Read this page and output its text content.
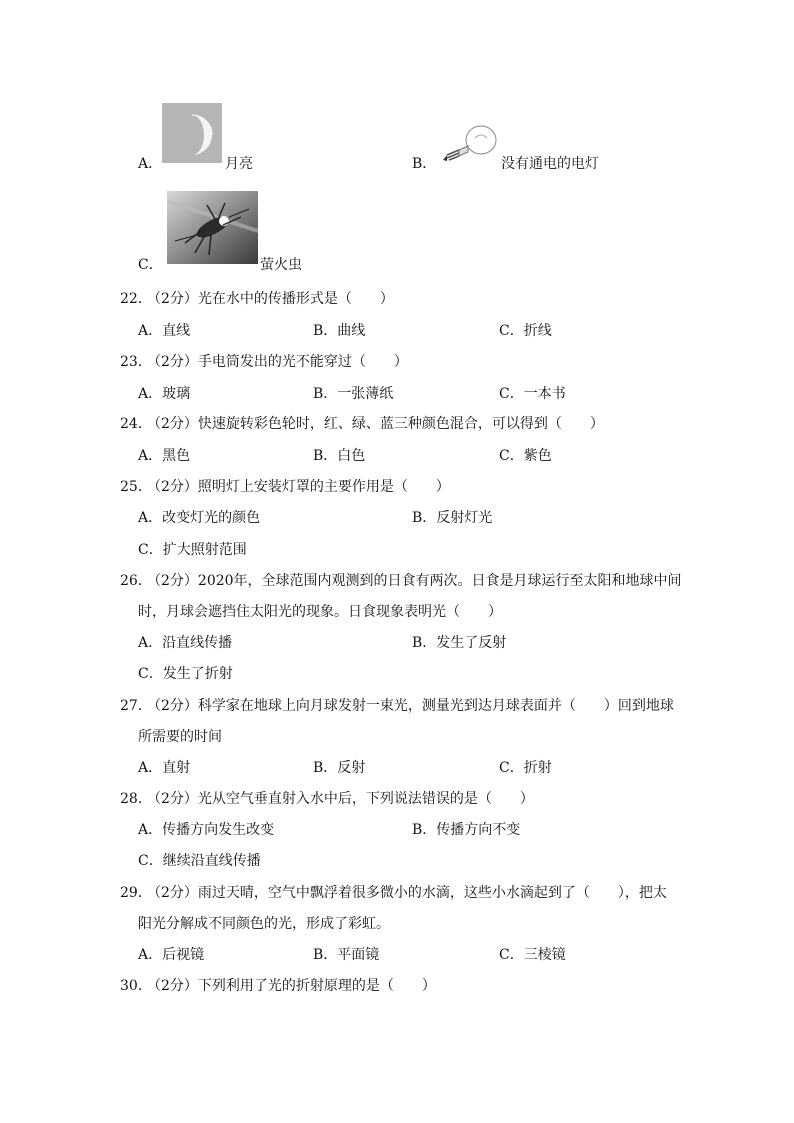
A．	月亮	B．	没有通电的电灯
C．	萤火虫
22．
（2分）光在水中的传播形式是（　　）
A．直线	B．曲线	C．折线
23．
（2分）手电筒发出的光不能穿过（　　）
A．玻璃	B．一张薄纸	C．一本书
24．
（2分）快速旋转彩色轮时，红、绿、蓝三种颜色混合，可以得到（　　）
A．黑色	B．白色	C．紫色
25．
（2分）照明灯上安装灯罩的主要作用是（　　）
A．改变灯光的颜色	B．反射灯光
C．扩大照射范围
26．
（2分）2020年，全球范围内观测到的日食有两次。日食是月球运行至太阳和地球中间
时，月球会遮挡住太阳光的现象。日食现象表明光（　　）
A．沿直线传播	B．发生了反射
C．发生了折射
27．
（2分）科学家在地球上向月球发射一束光，测量光到达月球表面并（　　）回到地球
所需要的时间
A．直射	B．反射	C．折射
28．
（2分）光从空气垂直射入水中后，下列说法错误的是（　　）
A．传播方向发生改变	B．传播方向不变
C．继续沿直线传播
29．
（2分）雨过天晴，空气中飘浮着很多微小的水滴，这些小水滴起到了（　　），把太
阳光分解成不同颜色的光，形成了彩虹。
A．后视镜	B．平面镜	C．三棱镜
30．
（2分）下列利用了光的折射原理的是（　　）
